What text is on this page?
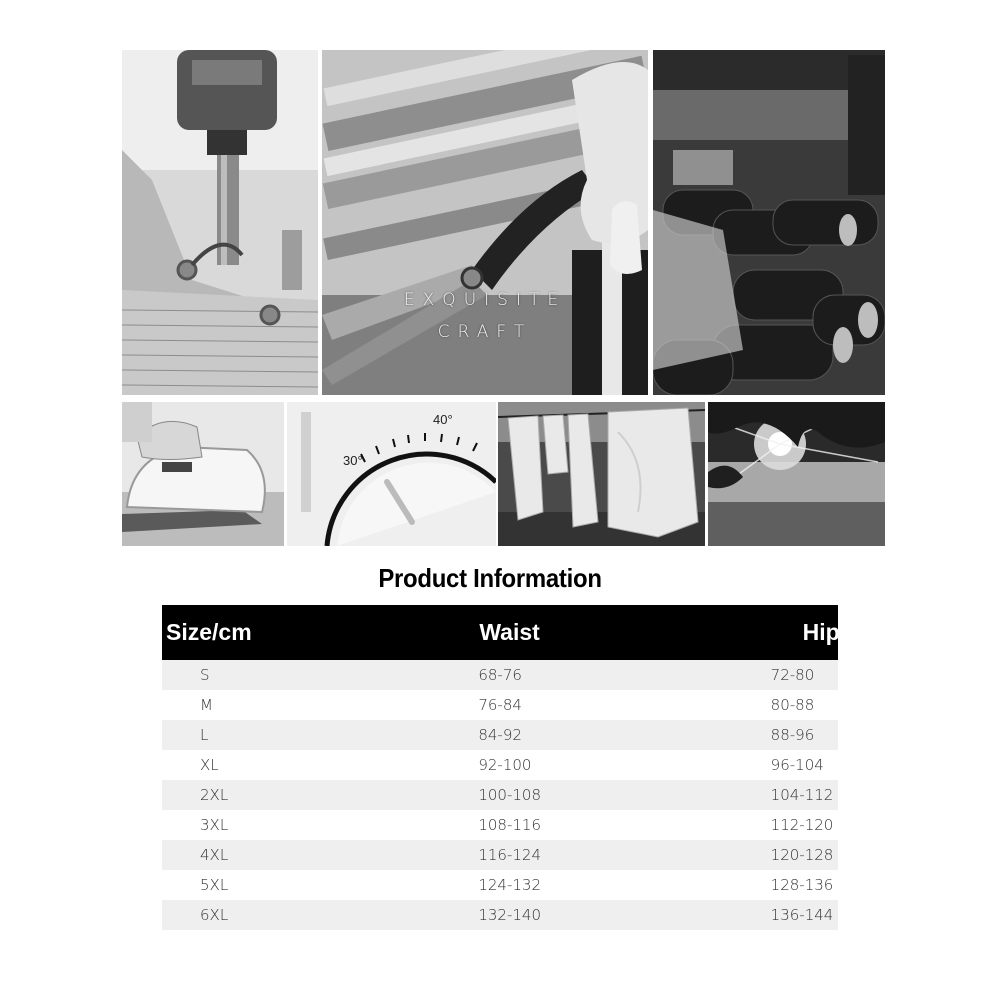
EXQUISITE
CRAFT
40°
30°
Product Information
Size/cm	Waist	Hips
S	68-76	72-80
M	76-84	80-88
L	84-92	88-96
XL	92-100	96-104
2XL	100-108	104-112
3XL	108-116	112-120
4XL	116-124	120-128
5XL	124-132	128-136
6XL	132-140	136-144
